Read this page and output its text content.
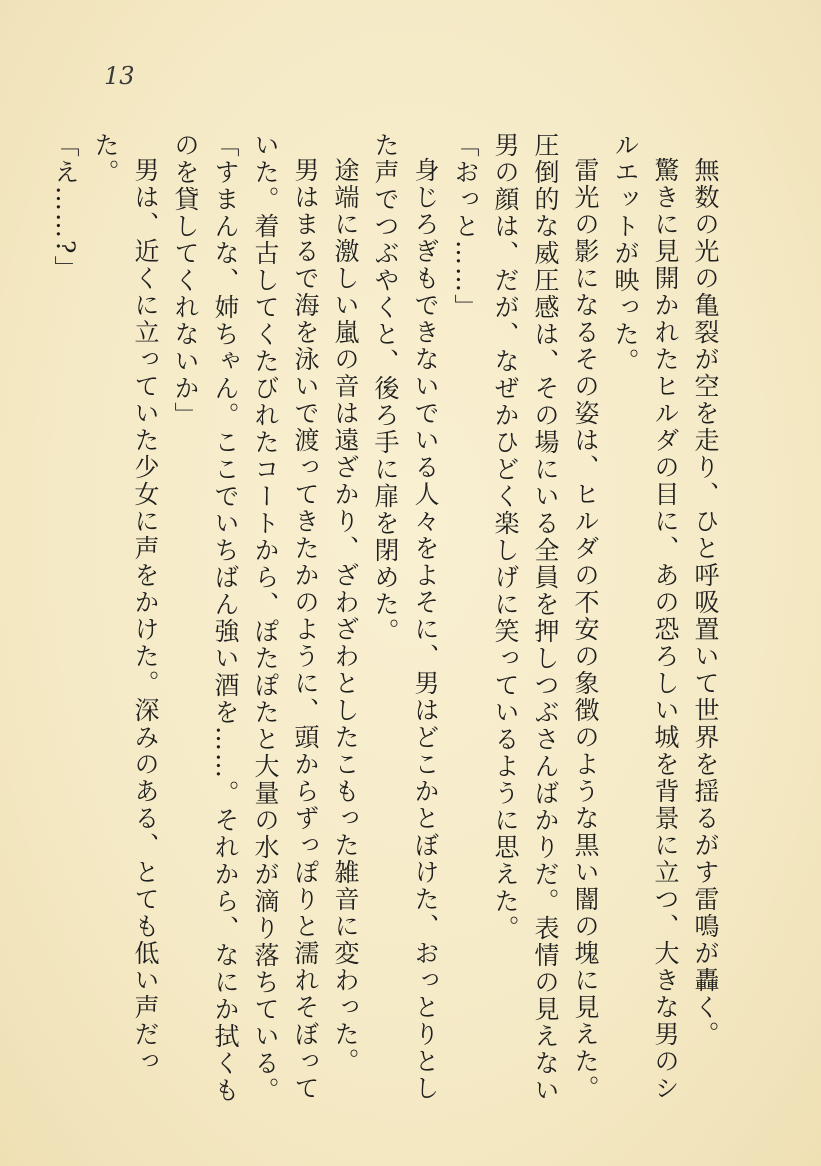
13

無数の光の亀裂が空を走り、ひと呼吸置いて世界を揺るがす雷鳴が轟く。

驚きに見開かれたヒルダの目に、あの恐ろしい城を背景に立つ、大きな男のシルエットが映った。

雷光の影になるその姿は、ヒルダの不安の象徴のような黒い闇の塊に見えた。圧倒的な威圧感は、その場にいる全員を押しつぶさんばかりだ。表情の見えない男の顔は、だが、なぜかひどく楽しげに笑っているように思えた。

「おっと……」

身じろぎもできないでいる人々をよそに、男はどこかとぼけた、おっとりとした声でつぶやくと、後ろ手に扉を閉めた。

途端に激しい嵐の音は遠ざかり、ざわざわとしたこもった雑音に変わった。

男はまるで海を泳いで渡ってきたかのように、頭からずっぽりと濡れそぼっていた。着古してくたびれたコートから、ぽたぽたと大量の水が滴り落ちている。

「すまんな、姉ちゃん。ここでいちばん強い酒を……。それから、なにか拭くものを貸してくれないか」

男は、近くに立っていた少女に声をかけた。深みのある、とても低い声だった。

「え……?」
